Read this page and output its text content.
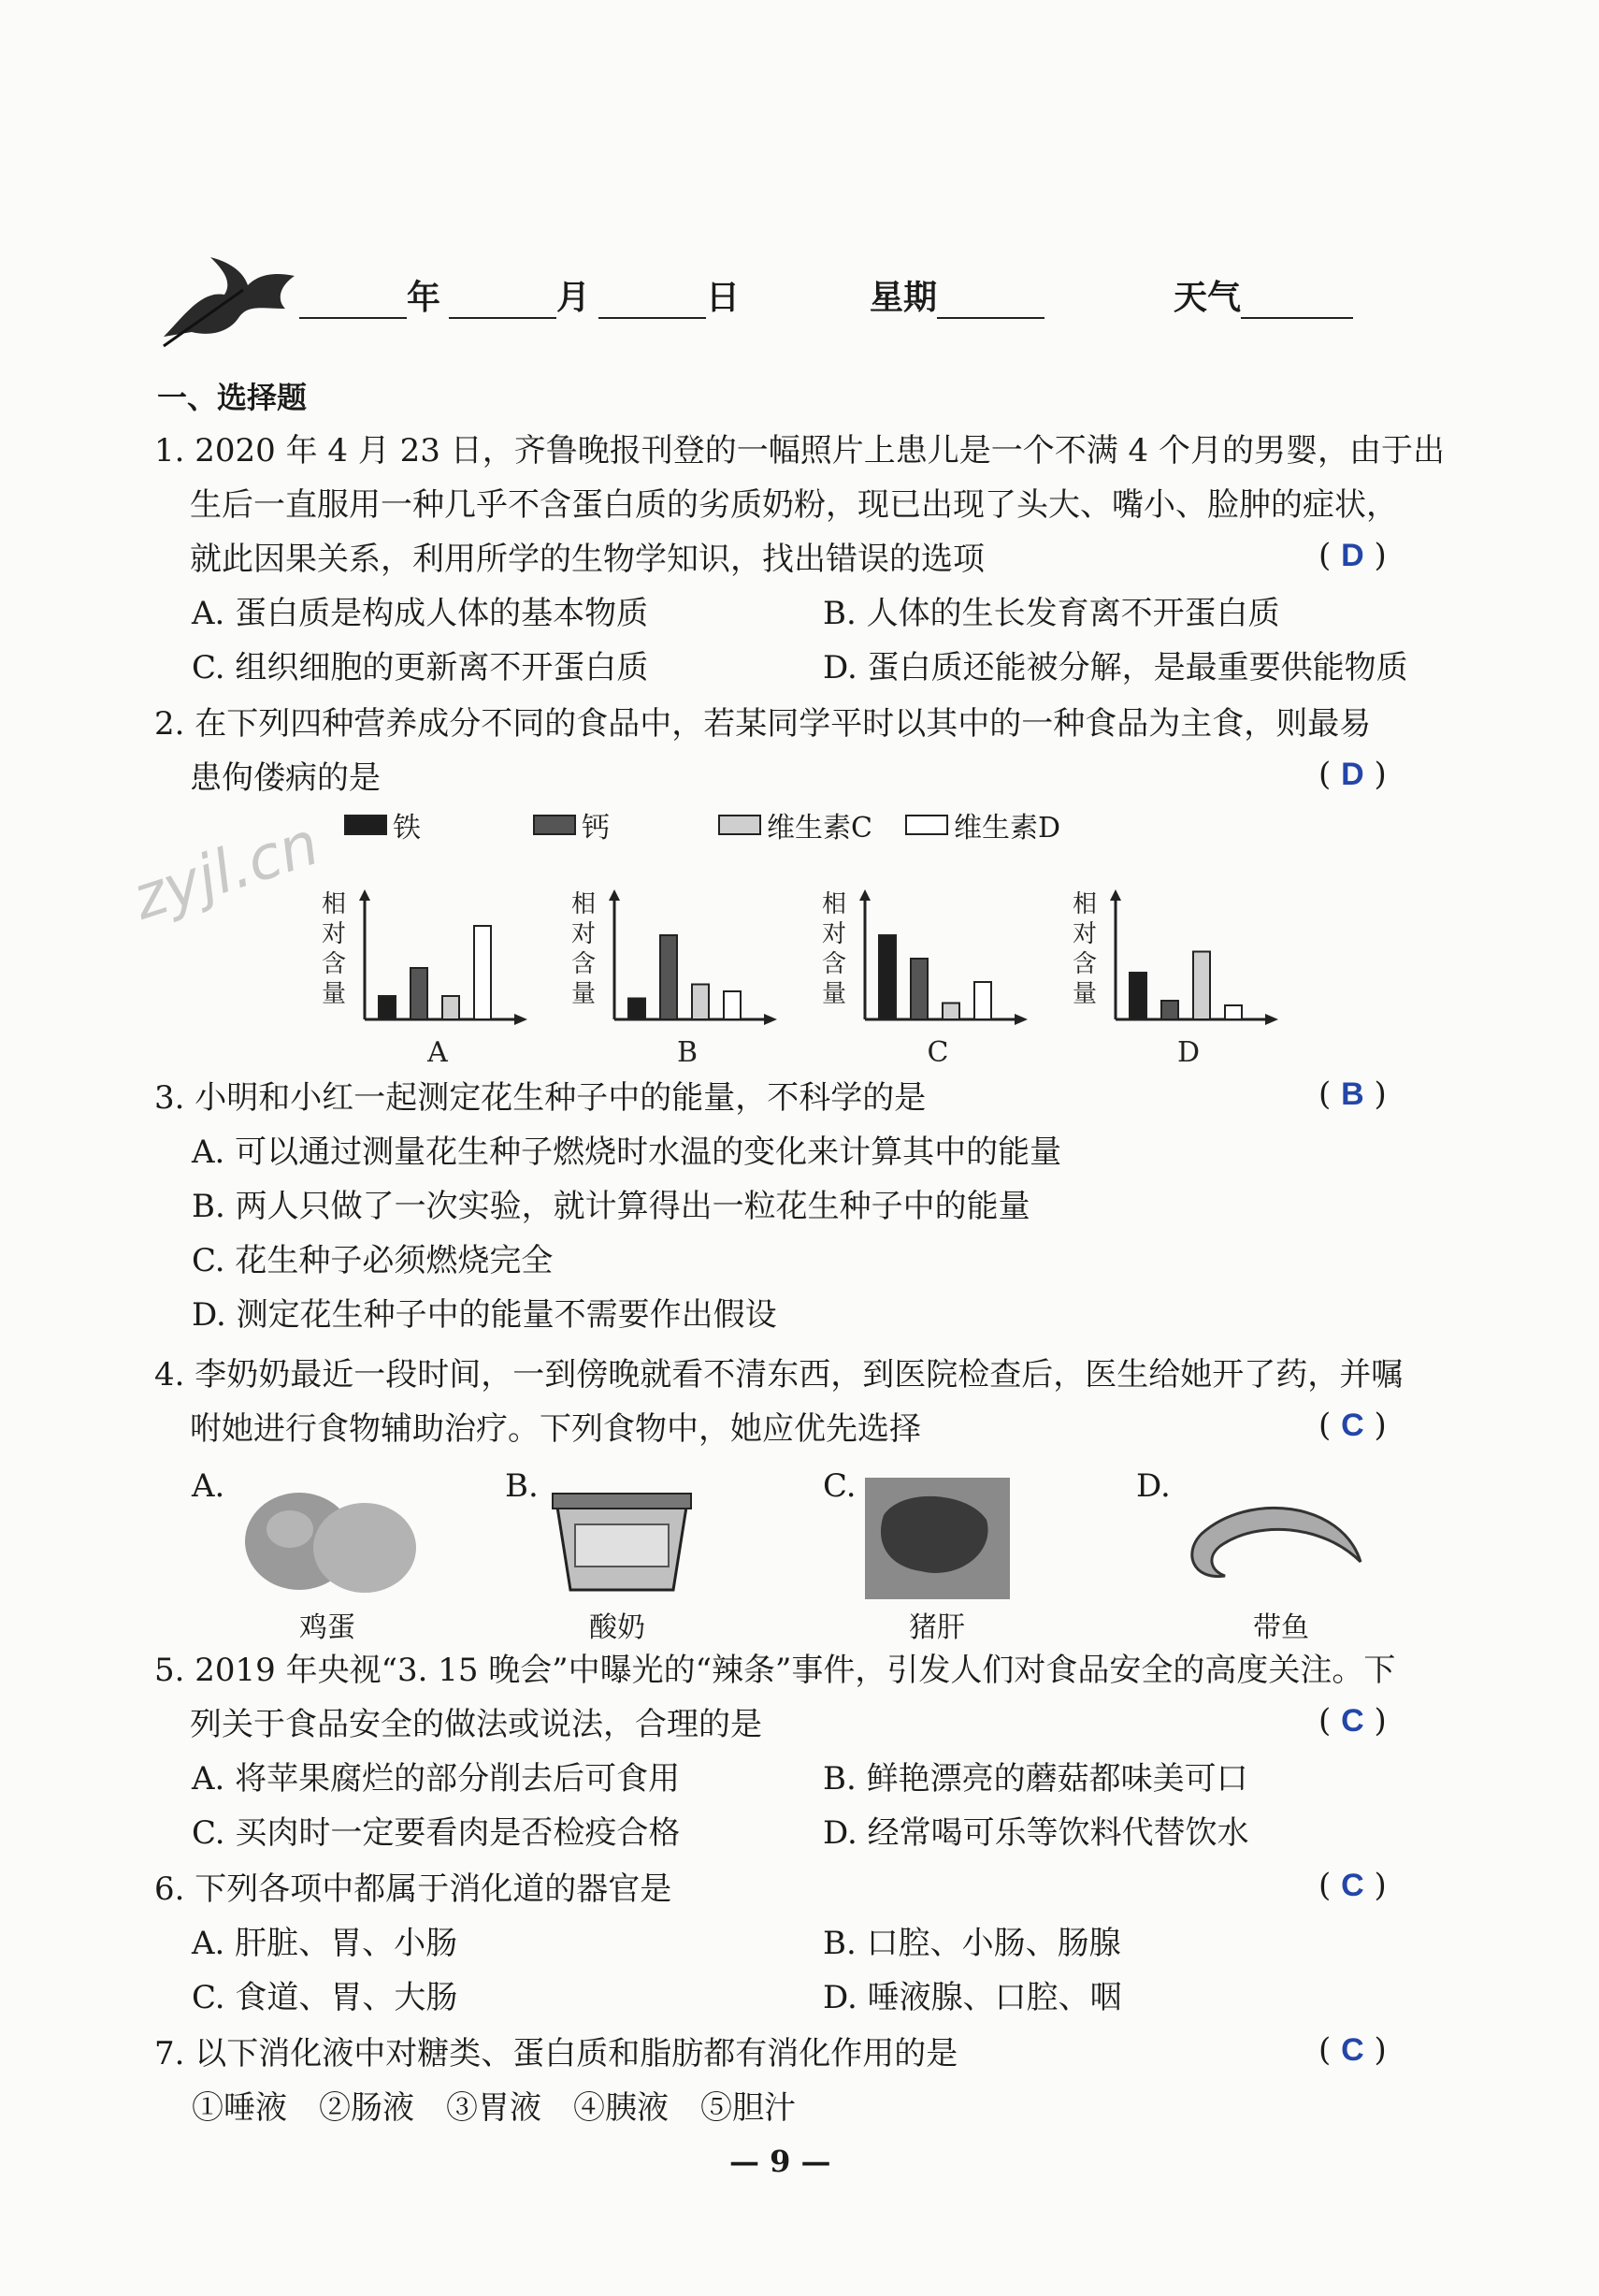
年	月	日	星期	天气
一、选择题
1. 2020 年 4 月 23 日，齐鲁晚报刊登的一幅照片上患儿是一个不满 4 个月的男婴，由于出
生后一直服用一种几乎不含蛋白质的劣质奶粉，现已出现了头大、嘴小、脸肿的症状，
就此因果关系，利用所学的生物学知识，找出错误的选项	( D )
A. 蛋白质是构成人体的基本物质	B. 人体的生长发育离不开蛋白质
C. 组织细胞的更新离不开蛋白质	D. 蛋白质还能被分解，是最重要供能物质
2. 在下列四种营养成分不同的食品中，若某同学平时以其中的一种食品为主食，则最易
患佝偻病的是	( D )
铁	钙	维生素C	维生素D
zyjl.cn
相
对
含
量
A
相
对
含
量
B
相
对
含
量
C
相
对
含
量
D
3. 小明和小红一起测定花生种子中的能量，不科学的是	( B )
A. 可以通过测量花生种子燃烧时水温的变化来计算其中的能量
B. 两人只做了一次实验，就计算得出一粒花生种子中的能量
C. 花生种子必须燃烧完全
D. 测定花生种子中的能量不需要作出假设
4. 李奶奶最近一段时间，一到傍晚就看不清东西，到医院检查后，医生给她开了药，并嘱
咐她进行食物辅助治疗。下列食物中，她应优先选择	( C )
A.	B.	C.	D.
鸡蛋	酸奶	猪肝	带鱼
5. 2019 年央视“3. 15 晚会”中曝光的“辣条”事件，引发人们对食品安全的高度关注。下
列关于食品安全的做法或说法，合理的是	( C )
A. 将苹果腐烂的部分削去后可食用	B. 鲜艳漂亮的蘑菇都味美可口
C. 买肉时一定要看肉是否检疫合格	D. 经常喝可乐等饮料代替饮水
6. 下列各项中都属于消化道的器官是	( C )
A. 肝脏、胃、小肠	B. 口腔、小肠、肠腺
C. 食道、胃、大肠	D. 唾液腺、口腔、咽
7. 以下消化液中对糖类、蛋白质和脂肪都有消化作用的是	( C )
①唾液　②肠液　③胃液　④胰液　⑤胆汁
— 9 —
